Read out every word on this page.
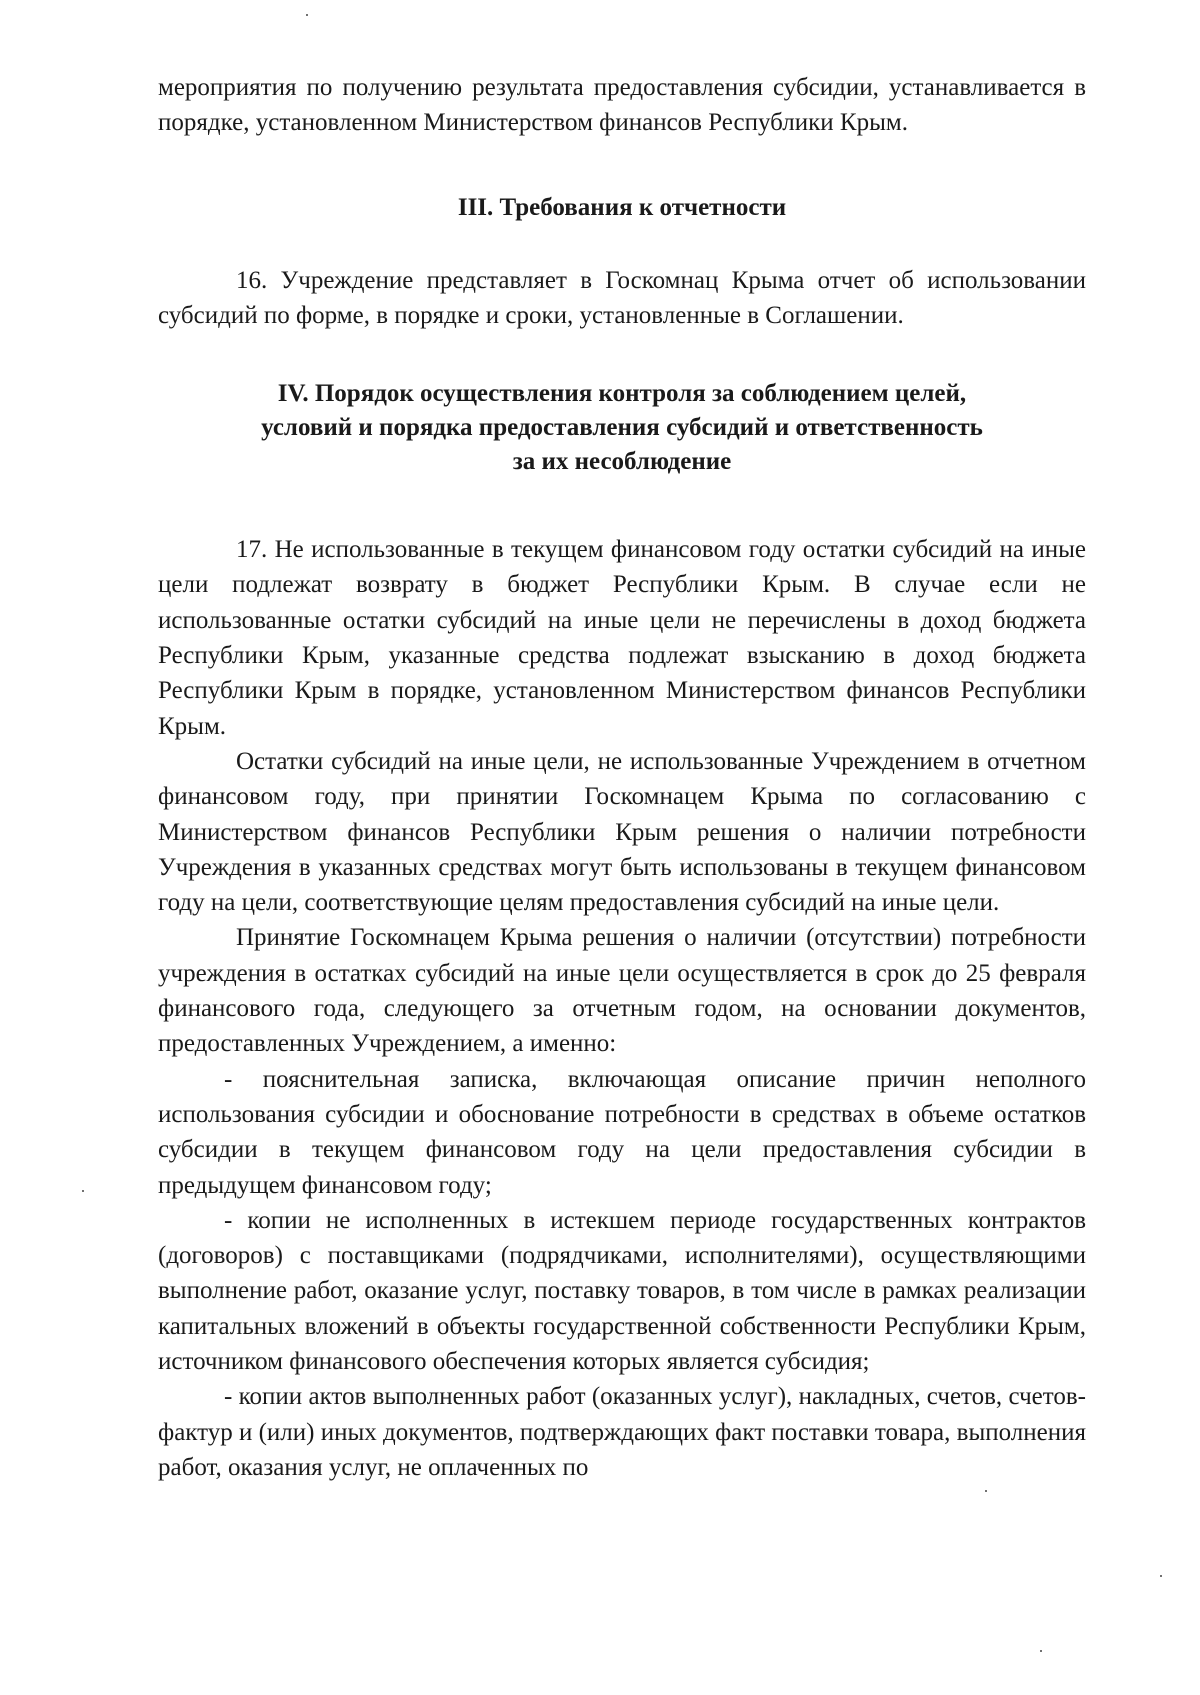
мероприятия по получению результата предоставления субсидии, устанавливается в порядке, установленном Министерством финансов Республики Крым.

III. Требования к отчетности

16. Учреждение представляет в Госкомнац Крыма отчет об использовании субсидий по форме, в порядке и сроки, установленные в Соглашении.

IV. Порядок осуществления контроля за соблюдением целей,
условий и порядка предоставления субсидий и ответственность
за их несоблюдение

17. Не использованные в текущем финансовом году остатки субсидий на иные цели подлежат возврату в бюджет Республики Крым. В случае если не использованные остатки субсидий на иные цели не перечислены в доход бюджета Республики Крым, указанные средства подлежат взысканию в доход бюджета Республики Крым в порядке, установленном Министерством финансов Республики Крым.

Остатки субсидий на иные цели, не использованные Учреждением в отчетном финансовом году, при принятии Госкомнацем Крыма по согласованию с Министерством финансов Республики Крым решения о наличии потребности Учреждения в указанных средствах могут быть использованы в текущем финансовом году на цели, соответствующие целям предоставления субсидий на иные цели.

Принятие Госкомнацем Крыма решения о наличии (отсутствии) потребности учреждения в остатках субсидий на иные цели осуществляется в срок до 25 февраля финансового года, следующего за отчетным годом, на основании документов, предоставленных Учреждением, а именно:

- пояснительная записка, включающая описание причин неполного использования субсидии и обоснование потребности в средствах в объеме остатков субсидии в текущем финансовом году на цели предоставления субсидии в предыдущем финансовом году;

- копии не исполненных в истекшем периоде государственных контрактов (договоров) с поставщиками (подрядчиками, исполнителями), осуществляющими выполнение работ, оказание услуг, поставку товаров, в том числе в рамках реализации капитальных вложений в объекты государственной собственности Республики Крым, источником финансового обеспечения которых является субсидия;

- копии актов выполненных работ (оказанных услуг), накладных, счетов, счетов-фактур и (или) иных документов, подтверждающих факт поставки товара, выполнения работ, оказания услуг, не оплаченных по
